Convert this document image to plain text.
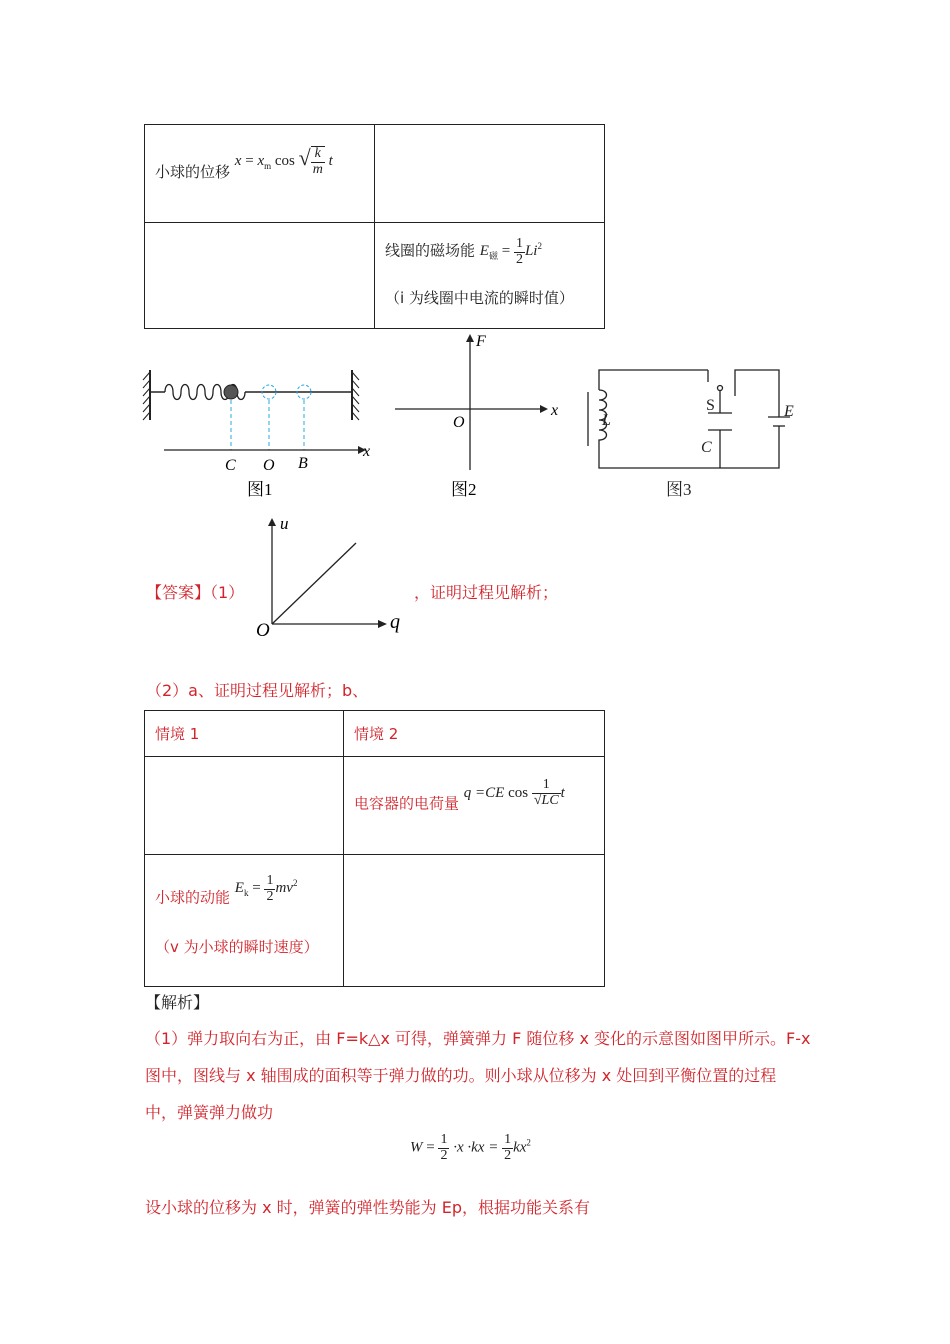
小球的位移 $x = x_m$ cos √ $\frac{k}{m}$ t	

	线圈的磁场能 $E_磁 = \frac{1}{2} Li^2$
（i 为线圈中电流的瞬时值）
C O B
x
图1
F
x
O
图2
L
S
C
E
图3
【答案】（1）
u
q
O
，证明过程见解析；
（2）a、证明过程见解析；b、
情境 1	情境 2
	电容器的电荷量 q =CE $\cos \frac{1}{√LC}$ t

小球的动能 $E_k = \frac{1}{2} mv^2$
（v 为小球的瞬时速度）	

【解析】
（1）弹力取向右为正，由 F=k△x 可得，弹簧弹力 F 随位移 x 变化的示意图如图甲所示。F-x
图中，图线与 x 轴围成的面积等于弹力做的功。则小球从位移为 x 处回到平衡位置的过程
中，弹簧弹力做功
$W = \frac{1}{2} \cdot x \cdot kx = \frac{1}{2} kx^2$
设小球的位移为 x 时，弹簧的弹性势能为 Ep，根据功能关系有
